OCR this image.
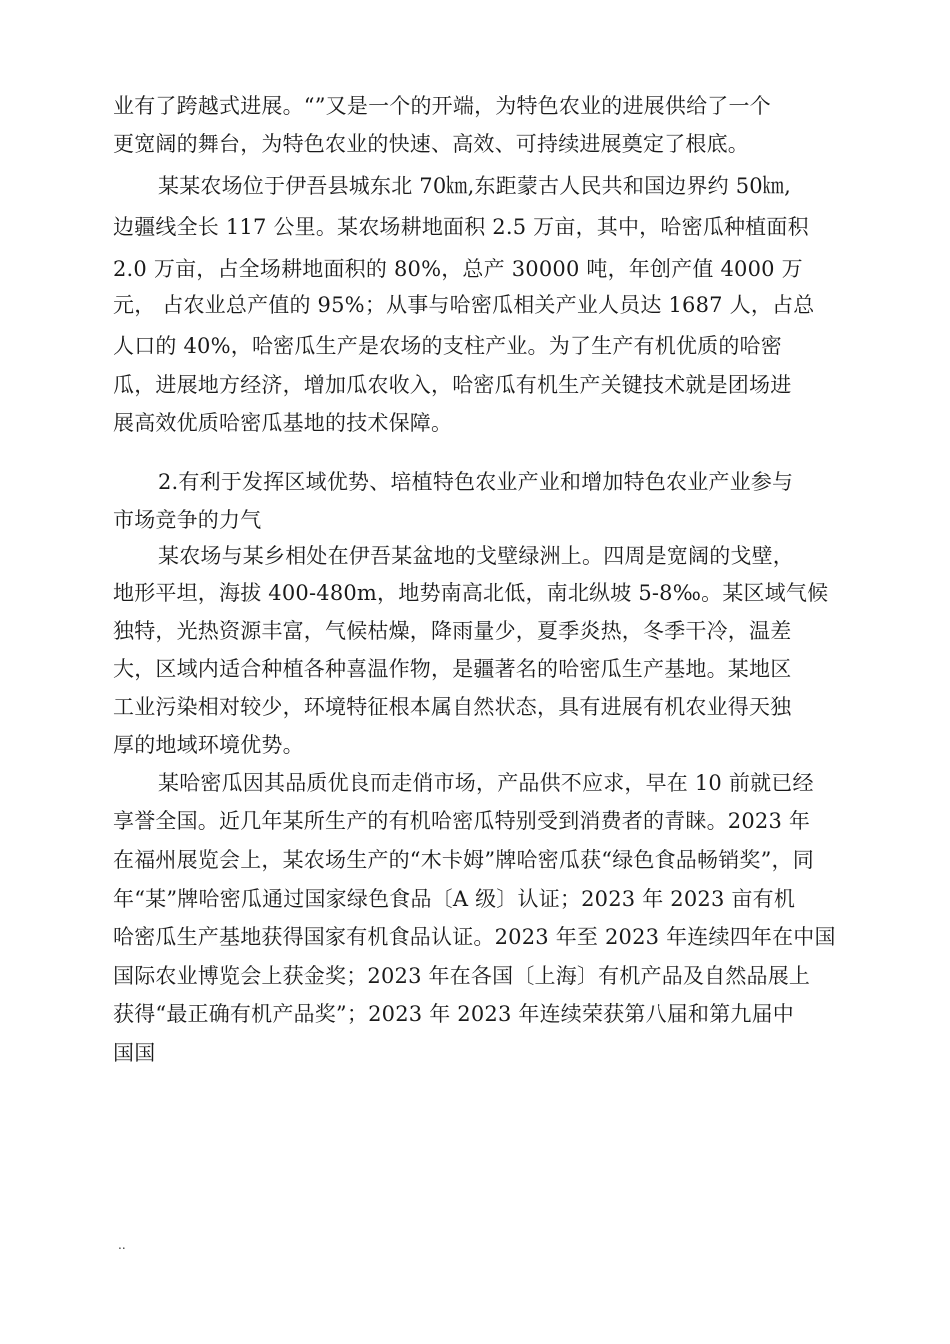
业有了跨越式进展。“”又是一个的开端，为特色农业的进展供给了一个
更宽阔的舞台，为特色农业的快速、高效、可持续进展奠定了根底。
某某农场位于伊吾县城东北 70㎞,东距蒙古人民共和国边界约 50㎞,
边疆线全长 117 公里。某农场耕地面积 2.5 万亩，其中，哈密瓜种植面积
2.0 万亩，占全场耕地面积的 80%，总产 30000 吨，年创产值 4000 万
元， 占农业总产值的 95%；从事与哈密瓜相关产业人员达 1687 人，占总
人口的 40%，哈密瓜生产是农场的支柱产业。为了生产有机优质的哈密
瓜，进展地方经济，增加瓜农收入，哈密瓜有机生产关键技术就是团场进
展高效优质哈密瓜基地的技术保障。
2.有利于发挥区域优势、培植特色农业产业和增加特色农业产业参与
市场竞争的力气
某农场与某乡相处在伊吾某盆地的戈壁绿洲上。四周是宽阔的戈壁，
地形平坦，海拔 400-480m，地势南高北低，南北纵坡 5-8‰。某区域气候
独特，光热资源丰富，气候枯燥，降雨量少，夏季炎热，冬季干冷，温差
大，区域内适合种植各种喜温作物，是疆著名的哈密瓜生产基地。某地区
工业污染相对较少，环境特征根本属自然状态，具有进展有机农业得天独
厚的地域环境优势。
某哈密瓜因其品质优良而走俏市场，产品供不应求，早在 10 前就已经
享誉全国。近几年某所生产的有机哈密瓜特别受到消费者的青睐。2023 年
在福州展览会上，某农场生产的“木卡姆”牌哈密瓜获“绿色食品畅销奖”，同
年“某”牌哈密瓜通过国家绿色食品〔A 级〕认证；2023 年 2023 亩有机
哈密瓜生产基地获得国家有机食品认证。2023 年至 2023 年连续四年在中国
国际农业博览会上获金奖；2023 年在各国〔上海〕有机产品及自然品展上
获得“最正确有机产品奖”；2023 年 2023 年连续荣获第八届和第九届中
国国
..
